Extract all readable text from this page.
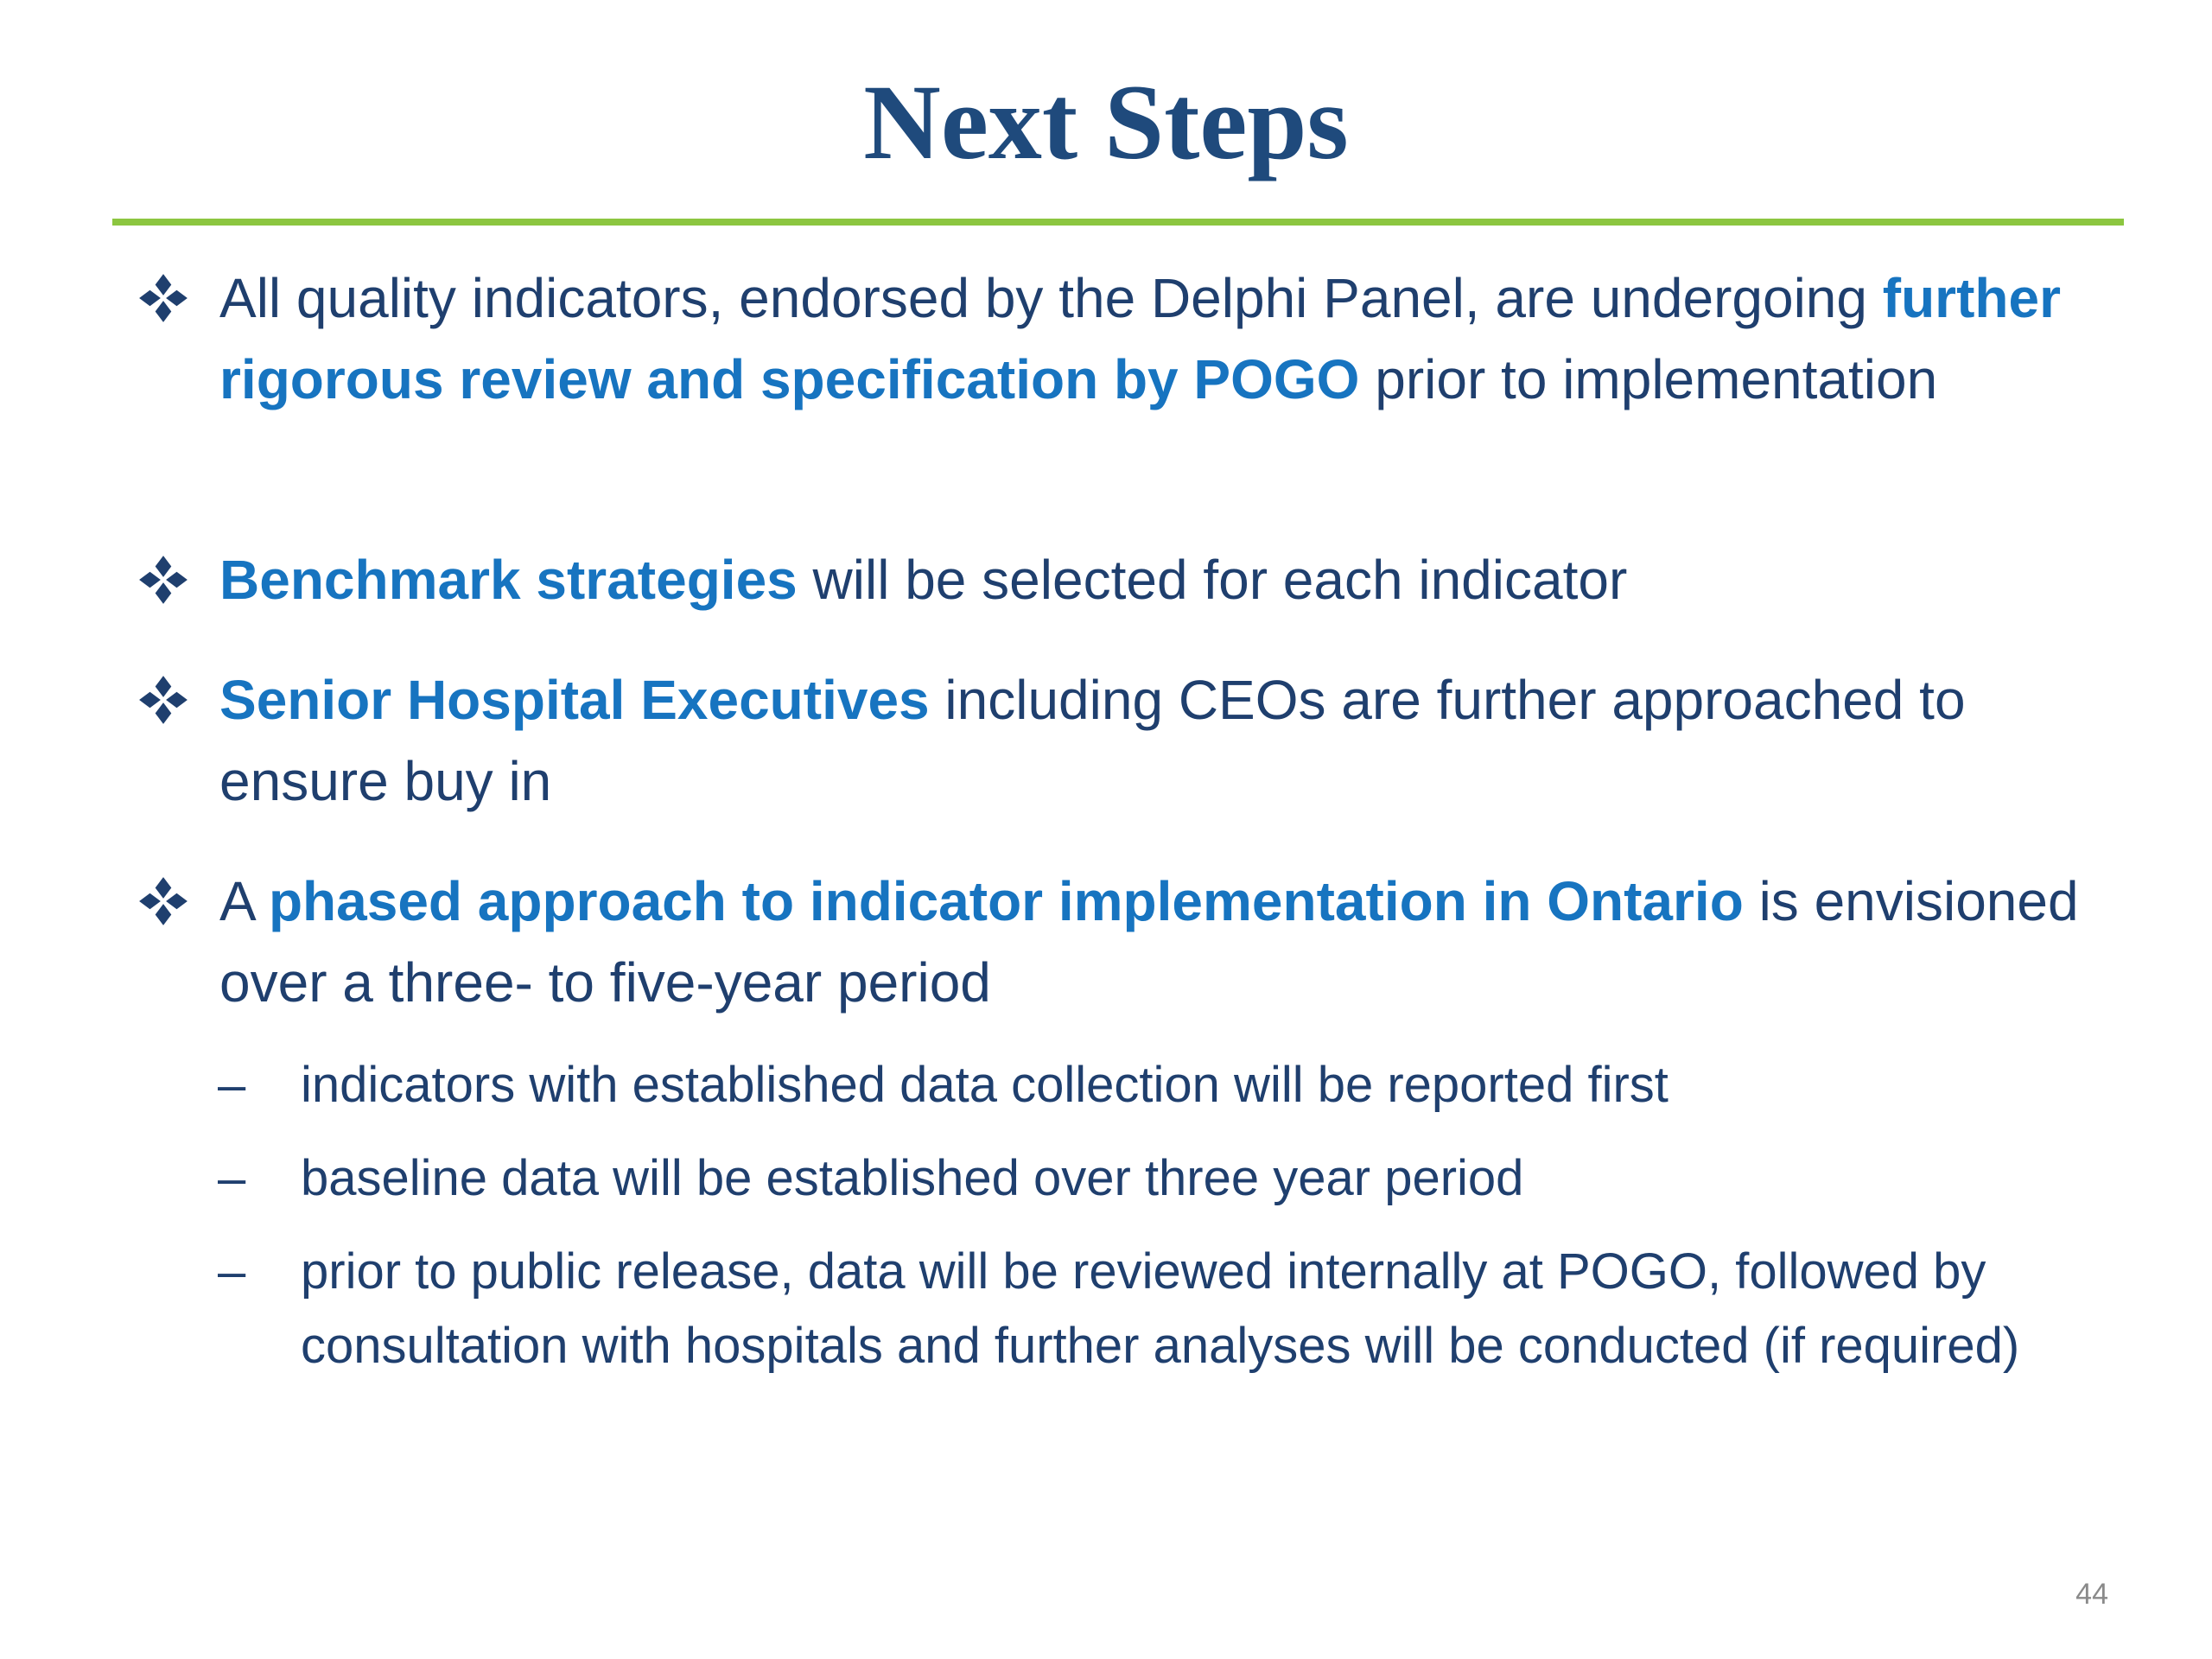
Next Steps
All quality indicators, endorsed by the Delphi Panel, are undergoing further rigorous review and specification by POGO prior to implementation
Benchmark strategies will be selected for each indicator
Senior Hospital Executives including CEOs are further approached to ensure buy in
A phased approach to indicator implementation in Ontario is envisioned over a three- to five-year period
– indicators with established data collection will be reported first
– baseline data will be established over three year period
– prior to public release, data will be reviewed internally at POGO, followed by consultation with hospitals and further analyses will be conducted (if required)
44
